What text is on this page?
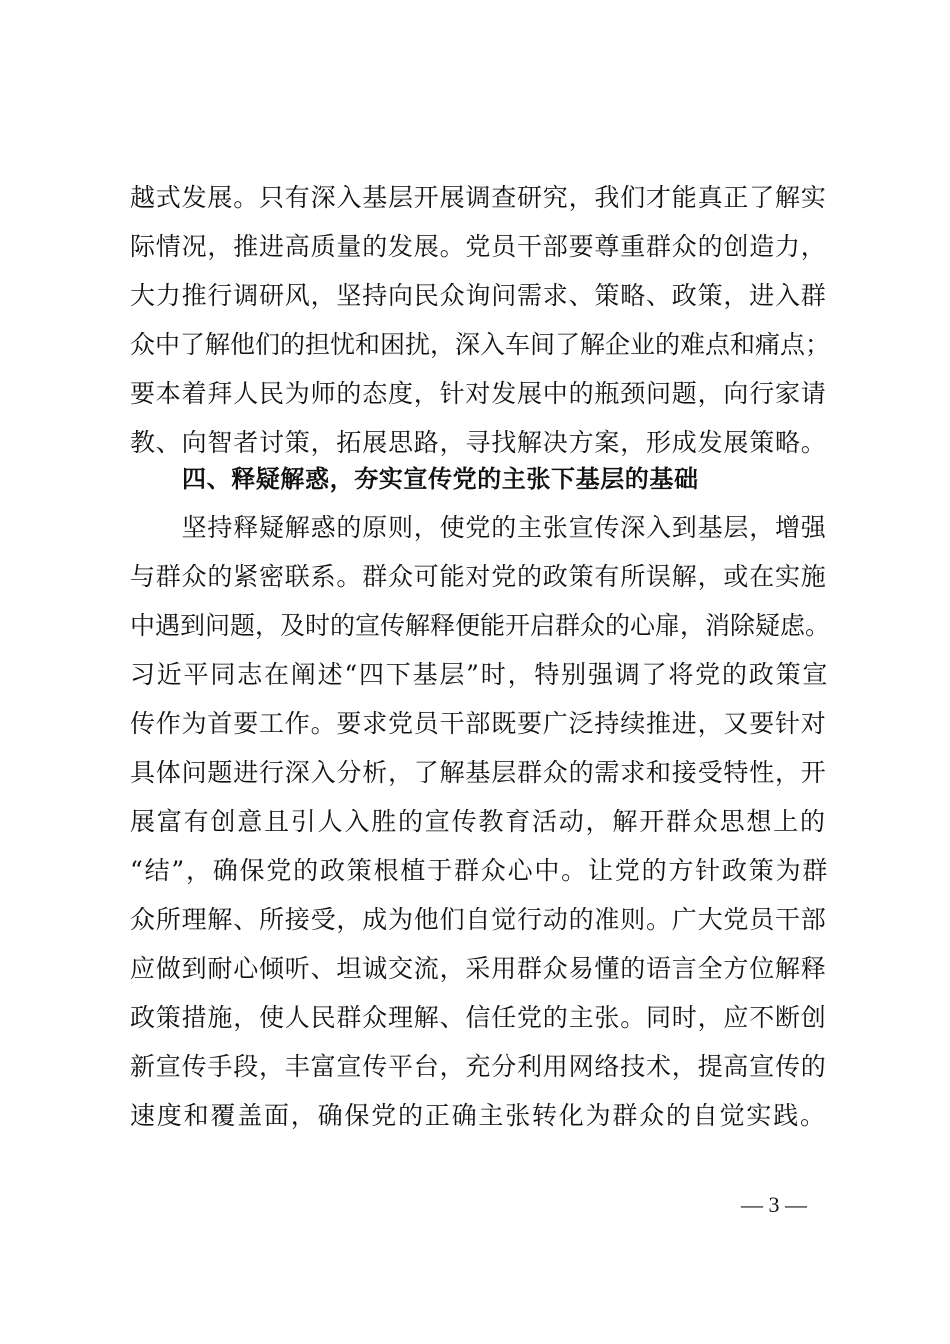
越式发展。只有深入基层开展调查研究，我们才能真正了解实
际情况，推进高质量的发展。党员干部要尊重群众的创造力，
大力推行调研风，坚持向民众询问需求、策略、政策，进入群
众中了解他们的担忧和困扰，深入车间了解企业的难点和痛点；
要本着拜人民为师的态度，针对发展中的瓶颈问题，向行家请
教、向智者讨策，拓展思路，寻找解决方案，形成发展策略。
四、释疑解惑，夯实宣传党的主张下基层的基础
　　坚持释疑解惑的原则，使党的主张宣传深入到基层，增强
与群众的紧密联系。群众可能对党的政策有所误解，或在实施
中遇到问题，及时的宣传解释便能开启群众的心扉，消除疑虑。
习近平同志在阐述“四下基层”时，特别强调了将党的政策宣
传作为首要工作。要求党员干部既要广泛持续推进，又要针对
具体问题进行深入分析，了解基层群众的需求和接受特性，开
展富有创意且引人入胜的宣传教育活动，解开群众思想上的
“结”，确保党的政策根植于群众心中。让党的方针政策为群
众所理解、所接受，成为他们自觉行动的准则。广大党员干部
应做到耐心倾听、坦诚交流，采用群众易懂的语言全方位解释
政策措施，使人民群众理解、信任党的主张。同时，应不断创
新宣传手段，丰富宣传平台，充分利用网络技术，提高宣传的
速度和覆盖面，确保党的正确主张转化为群众的自觉实践。
— 3 —
